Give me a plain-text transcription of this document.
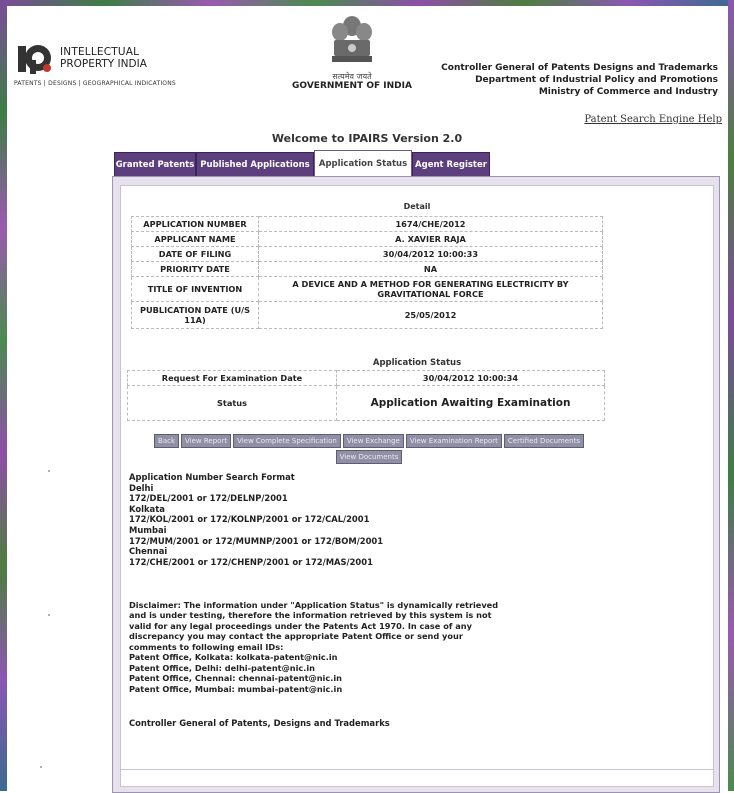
INTELLECTUAL
PROPERTY INDIA
PATENTS | DESIGNS | GEOGRAPHICAL INDICATIONS
सत्यमेव जयते
GOVERNMENT OF INDIA
Controller General of Patents Designs and Trademarks
Department of Industrial Policy and Promotions
Ministry of Commerce and Industry
Patent Search Engine Help
Welcome to IPAIRS Version 2.0
Granted Patents Published Applications	Application Status Agent Register
Detail
APPLICATION NUMBER	1674/CHE/2012
APPLICANT NAME	A. XAVIER RAJA
DATE OF FILING	30/04/2012 10:00:33
PRIORITY DATE	NA
TITLE OF INVENTION	A DEVICE AND A METHOD FOR GENERATING ELECTRICITY BY GRAVITATIONAL FORCE
PUBLICATION DATE (U/S 11A)	25/05/2012
Application Status
Request For Examination Date	30/04/2012 10:00:34
Status	Application Awaiting Examination
Back View Report View Complete Specification View Exchange View Examination Report Certified Documents
View Documents
Application Number Search Format
Delhi
172/DEL/2001 or 172/DELNP/2001
Kolkata
172/KOL/2001 or 172/KOLNP/2001 or 172/CAL/2001
Mumbai
172/MUM/2001 or 172/MUMNP/2001 or 172/BOM/2001
Chennai
172/CHE/2001 or 172/CHENP/2001 or 172/MAS/2001
Disclaimer: The information under "Application Status" is dynamically retrieved and is under testing, therefore the information retrieved by this system is not valid for any legal proceedings under the Patents Act 1970. In case of any discrepancy you may contact the appropriate Patent Office or send your comments to following email IDs:
Patent Office, Kolkata: kolkata-patent@nic.in
Patent Office, Delhi: delhi-patent@nic.in
Patent Office, Chennai: chennai-patent@nic.in
Patent Office, Mumbai: mumbai-patent@nic.in
Controller General of Patents, Designs and Trademarks
